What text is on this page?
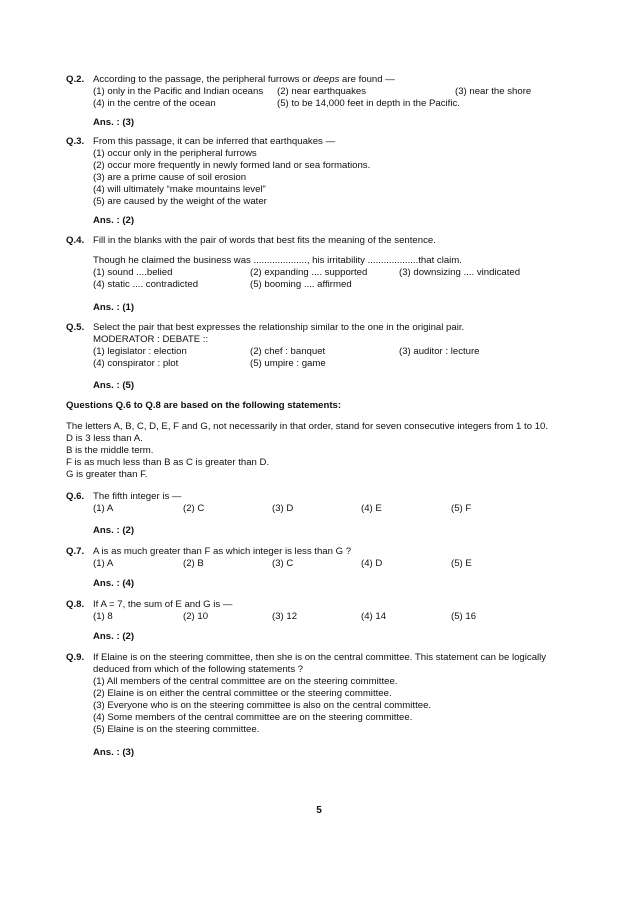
Q.2. According to the passage, the peripheral furrows or deeps are found —
(1) only in the Pacific and Indian oceans (2) near earthquakes	(3) near the shore
(4) in the centre of the ocean	(5) to be 14,000 feet in depth in the Pacific.
Ans. : (3)
Q.3. From this passage, it can be inferred that earthquakes —
(1) occur only in the peripheral furrows
(2) occur more frequently in newly formed land or sea formations.
(3) are a prime cause of soil erosion
(4) will ultimately “make mountains level”
(5) are caused by the weight of the water
Ans. : (2)
Q.4. Fill in the blanks with the pair of words that best fits the meaning of the sentence.
Though he claimed the business was ...................., his irritability ...................that claim.
(1) sound ....belied	(2) expanding .... supported	(3) downsizing .... vindicated
(4) static .... contradicted	(5) booming .... affirmed
Ans. : (1)
Q.5. Select the pair that best expresses the relationship similar to the one in the original pair.
MODERATOR : DEBATE ::
(1) legislator : election	(2) chef : banquet	(3) auditor : lecture
(4) conspirator : plot	(5) umpire : game
Ans. : (5)
Questions Q.6 to Q.8 are based on the following statements:
The letters A, B, C, D, E, F and G, not necessarily in that order, stand for seven consecutive integers from 1 to 10.
D is 3 less than A.
B is the middle term.
F is as much less than B as C is greater than D.
G is greater than F.
Q.6. The fifth integer is —
(1) A	(2) C	(3) D	(4) E	(5) F
Ans. : (2)
Q.7. A is as much greater than F as which integer is less than G ?
(1) A	(2) B	(3) C	(4) D	(5) E
Ans. : (4)
Q.8. If A = 7, the sum of E and G is —
(1) 8	(2) 10	(3) 12	(4) 14	(5) 16
Ans. : (2)
Q.9. If Elaine is on the steering committee, then she is on the central committee. This statement can be logically
deduced from which of the following statements ?
(1) All members of the central committee are on the steering committee.
(2) Elaine is on either the central committee or the steering committee.
(3) Everyone who is on the steering committee is also on the central committee.
(4) Some members of the central committee are on the steering committee.
(5) Elaine is on the steering committee.
Ans. : (3)
5
